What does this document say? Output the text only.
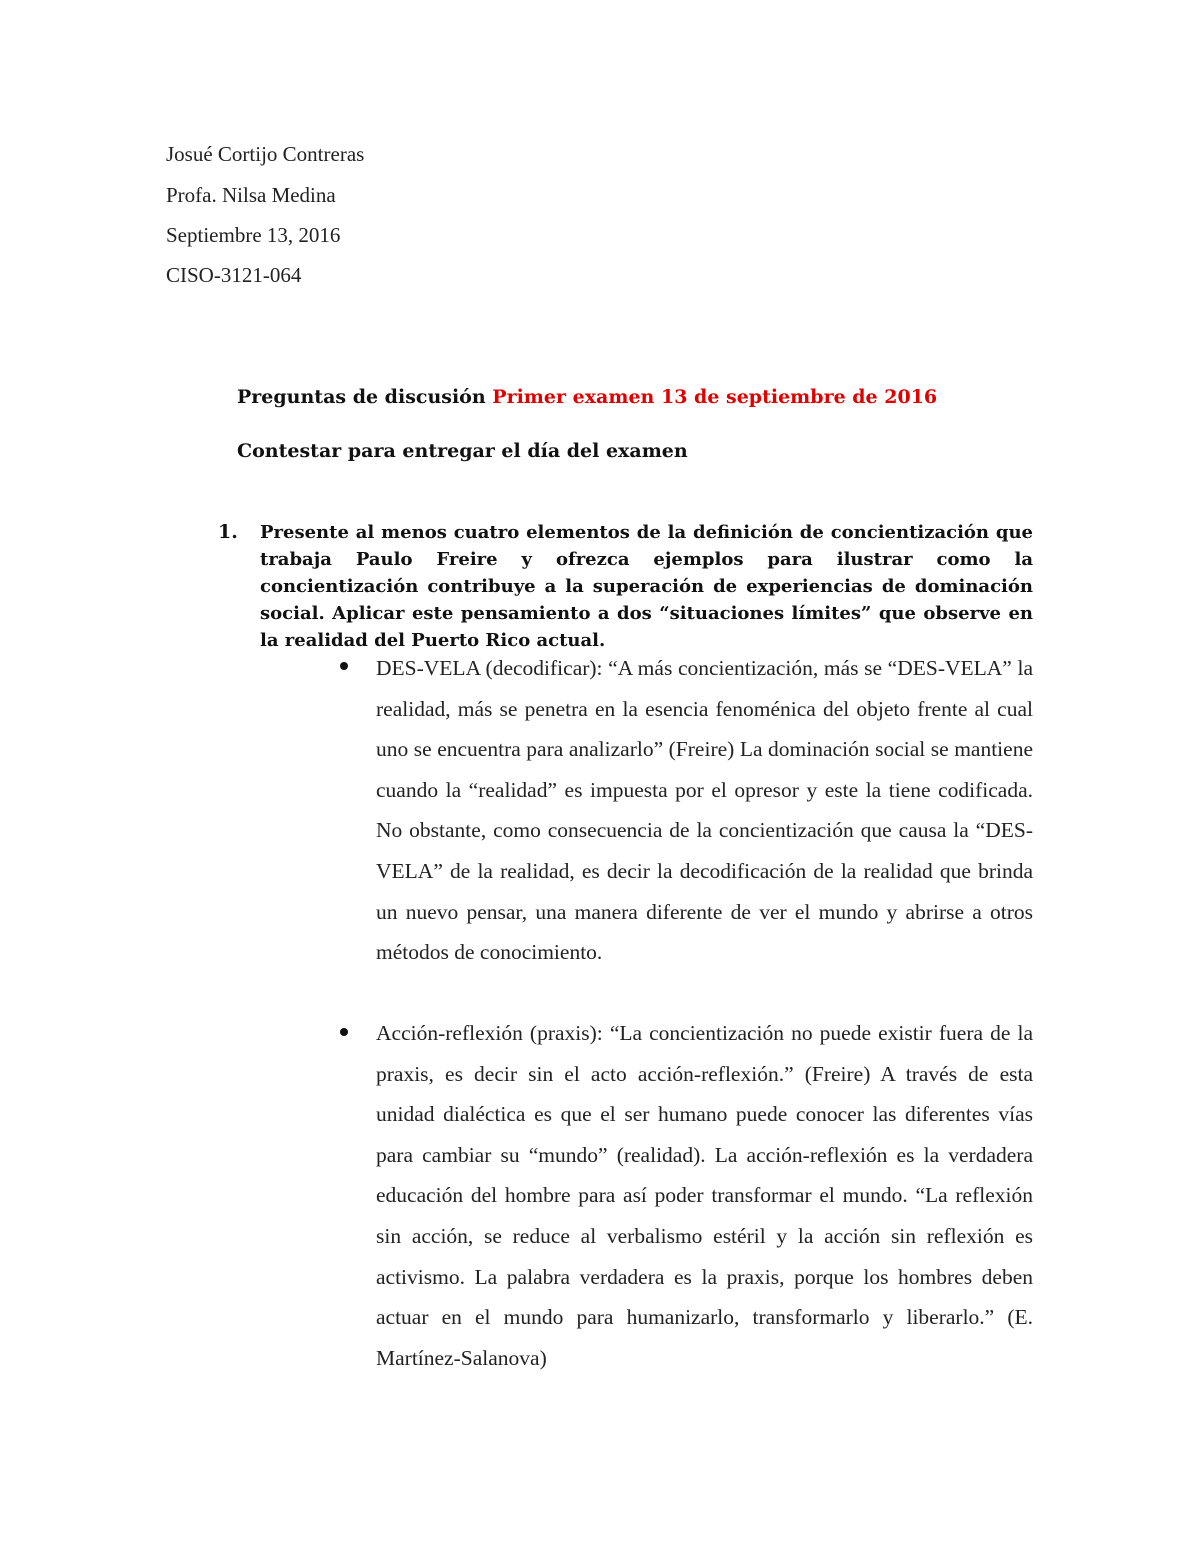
Josué Cortijo Contreras
Profa. Nilsa Medina
Septiembre 13, 2016
CISO-3121-064
Preguntas de discusión Primer examen 13 de septiembre de 2016
Contestar para entregar el día del examen
1. Presente al menos cuatro elementos de la definición de concientización que trabaja Paulo Freire y ofrezca ejemplos para ilustrar como la concientización contribuye a la superación de experiencias de dominación social. Aplicar este pensamiento a dos “situaciones límites” que observe en la realidad del Puerto Rico actual.

DES-VELA (decodificar): “A más concientización, más se “DES-VELA” la realidad, más se penetra en la esencia fenoménica del objeto frente al cual uno se encuentra para analizarlo” (Freire) La dominación social se mantiene cuando la “realidad” es impuesta por el opresor y este la tiene codificada. No obstante, como consecuencia de la concientización que causa la “DES-VELA” de la realidad, es decir la decodificación de la realidad que brinda un nuevo pensar, una manera diferente de ver el mundo y abrirse a otros métodos de conocimiento.

Acción-reflexión (praxis): “La concientización no puede existir fuera de la praxis, es decir sin el acto acción-reflexión.” (Freire) A través de esta unidad dialéctica es que el ser humano puede conocer las diferentes vías para cambiar su “mundo” (realidad). La acción-reflexión es la verdadera educación del hombre para así poder transformar el mundo. “La reflexión sin acción, se reduce al verbalismo estéril y la acción sin reflexión es activismo. La palabra verdadera es la praxis, porque los hombres deben actuar en el mundo para humanizarlo, transformarlo y liberarlo.” (E. Martínez-Salanova)
